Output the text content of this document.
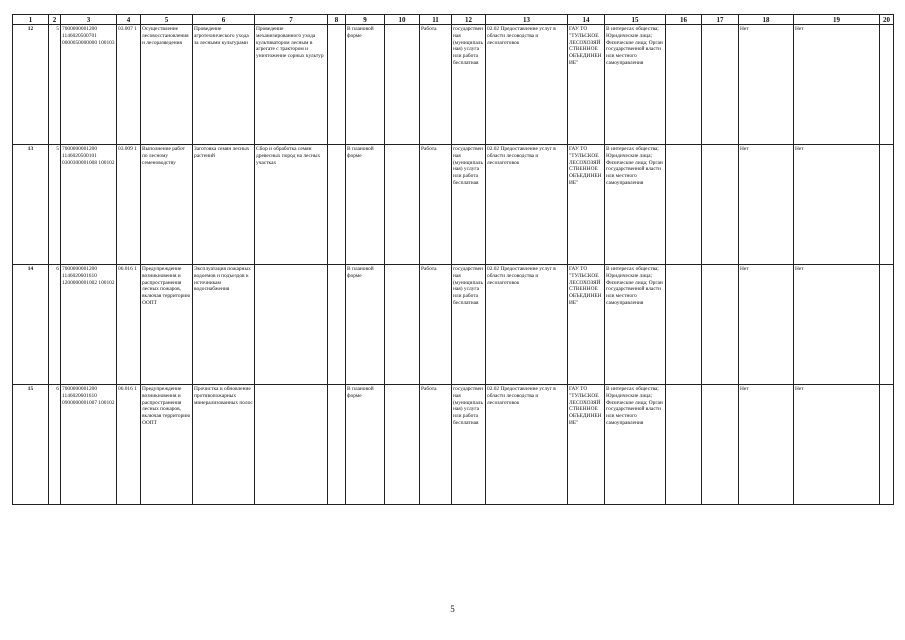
1	2	3	4	5	6	7	8	9	10	11	12	13	14	15	16	17	18	19	20
12	5	7000000001200 1146020500701 0000050000000 100103	03.007 1	Осуществление лесовосстановления и лесоразведения	Проведение агротехнического ухода за лесными культурами	Проведение механизированного ухода культиватором лесным в агрегате с трактором и уничтожение сорных культур		В плановой форме		Работа	государственная (муниципальная) услуга или работа бесплатная	02.02 Предоставление услуг в области лесоводства и лесозаготовок	ГАУ ТО "ТУЛЬСКОЕ ЛЕСОХОЗЯЙСТВЕННОЕ ОБЪЕДИНЕНИЕ"	В интересах общества; Юридические лица; Физические лица; Орган государственной власти или местного самоуправления			Нет	Нет	
13	5	7000000001200 1146020500101 0300300001008 100102	03.009 1	Выполнение работ по лесному семеноводству	Заготовка семян лесных растений	Сбор и обработка семян древесных пород на лесных участках		В плановой форме		Работа	государственная (муниципальная) услуга или работа бесплатная	02.02 Предоставление услуг в области лесоводства и лесозаготовок	ГАУ ТО "ТУЛЬСКОЕ ЛЕСОХОЗЯЙСТВЕННОЕ ОБЪЕДИНЕНИЕ"	В интересах общества; Юридические лица; Физические лица; Орган государственной власти или местного самоуправления			Нет	Нет	
14	6	7000000001200 1146020601610 1200000001002 100102	06.016 1	Предупреждение возникновения и распространения лесных пожаров, включая территорию ООПТ	Эксплуатация пожарных водоемов и подъездов к источникам водоснабжения			В плановой форме		Работа	государственная (муниципальная) услуга или работа бесплатная	02.02 Предоставление услуг в области лесоводства и лесозаготовок	ГАУ ТО "ТУЛЬСКОЕ ЛЕСОХОЗЯЙСТВЕННОЕ ОБЪЕДИНЕНИЕ"	В интересах общества; Юридические лица; Физические лица; Орган государственной власти или местного самоуправления			Нет	Нет	
15	6	7000000001200 1146020601610 0900000001007 100102	06.016 1	Предупреждение возникновения и распространения лесных пожаров, включая территорию ООПТ	Прочистка и обновление противопожарных минерализованных полос			В плановой форме		Работа	государственная (муниципальная) услуга или работа бесплатная	02.02 Предоставление услуг в области лесоводства и лесозаготовок	ГАУ ТО "ТУЛЬСКОЕ ЛЕСОХОЗЯЙСТВЕННОЕ ОБЪЕДИНЕНИЕ"	В интересах общества; Юридические лица; Физические лица; Орган государственной власти или местного самоуправления			Нет	Нет	
5
